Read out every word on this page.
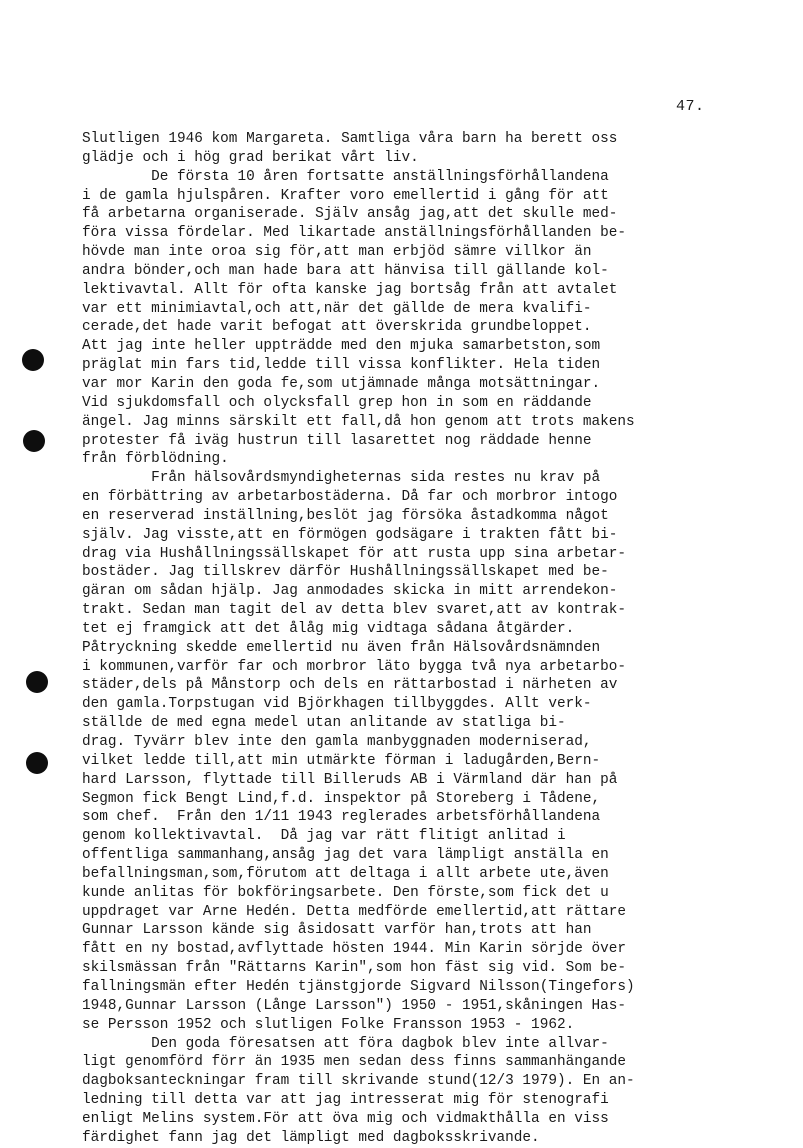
47.
Slutligen 1946 kom Margareta. Samtliga våra barn ha berett oss
glädje och i hög grad berikat vårt liv.
De första 10 åren fortsatte anställningsförhållandena
i de gamla hjulspåren. Krafter voro emellertid i gång för att
få arbetarna organiserade. Själv ansåg jag,att det skulle med-
föra vissa fördelar. Med likartade anställningsförhållanden be-
hövde man inte oroa sig för,att man erbjöd sämre villkor än
andra bönder,och man hade bara att hänvisa till gällande kol-
lektivavtal. Allt för ofta kanske jag bortsåg från att avtalet
var ett minimiavtal,och att,när det gällde de mera kvalifi-
cerade,det hade varit befogat att överskrida grundbeloppet.
Att jag inte heller uppträdde med den mjuka samarbetston,som
präglat min fars tid,ledde till vissa konflikter. Hela tiden
var mor Karin den goda fe,som utjämnade många motsättningar.
Vid sjukdomsfall och olycksfall grep hon in som en räddande
ängel. Jag minns särskilt ett fall,då hon genom att trots makens
protester få iväg hustrun till lasarettet nog räddade henne
från förblödning.
Från hälsovårdsmyndigheternas sida restes nu krav på
en förbättring av arbetarbostäderna. Då far och morbror intogo
en reserverad inställning,beslöt jag försöka åstadkomma något
själv. Jag visste,att en förmögen godsägare i trakten fått bi-
drag via Hushållningssällskapet för att rusta upp sina arbetar-
bostäder. Jag tillskrev därför Hushållningssällskapet med be-
gäran om sådan hjälp. Jag anmodades skicka in mitt arrendekon-
trakt. Sedan man tagit del av detta blev svaret,att av kontrak-
tet ej framgick att det ålåg mig vidtaga sådana åtgärder.
Påtryckning skedde emellertid nu även från Hälsovårdsnämnden
i kommunen,varför far och morbror läto bygga två nya arbetarbo-
städer,dels på Månstorp och dels en rättarbostad i närheten av
den gamla.Torpstugan vid Björkhagen tillbyggdes. Allt verk-
ställde de med egna medel utan anlitande av statliga bi-
drag. Tyvärr blev inte den gamla manbyggnaden moderniserad,
vilket ledde till,att min utmärkte förman i ladugården,Bern-
hard Larsson, flyttade till Billeruds AB i Värmland där han på
Segmon fick Bengt Lind,f.d. inspektor på Storeberg i Tådene,
som chef.  Från den 1/11 1943 reglerades arbetsförhållandena
genom kollektivavtal.  Då jag var rätt flitigt anlitad i
offentliga sammanhang,ansåg jag det vara lämpligt anställa en
befallningsman,som,förutom att deltaga i allt arbete ute,även
kunde anlitas för bokföringsarbete. Den förste,som fick det u
uppdraget var Arne Hedén. Detta medförde emellertid,att rättare
Gunnar Larsson kände sig åsidosatt varför han,trots att han
fått en ny bostad,avflyttade hösten 1944. Min Karin sörjde över
skilsmässan från "Rättarns Karin",som hon fäst sig vid. Som be-
fallningsmän efter Hedén tjänstgjorde Sigvard Nilsson(Tingefors)
1948,Gunnar Larsson (Långe Larsson") 1950 - 1951,skåningen Has-
se Persson 1952 och slutligen Folke Fransson 1953 - 1962.
Den goda föresatsen att föra dagbok blev inte allvar-
ligt genomförd förr än 1935 men sedan dess finns sammanhängande
dagboksanteckningar fram till skrivande stund(12/3 1979). En an-
ledning till detta var att jag intresserat mig för stenografi
enligt Melins system.För att öva mig och vidmakthålla en viss
färdighet fann jag det lämpligt med dagboksskrivande.
